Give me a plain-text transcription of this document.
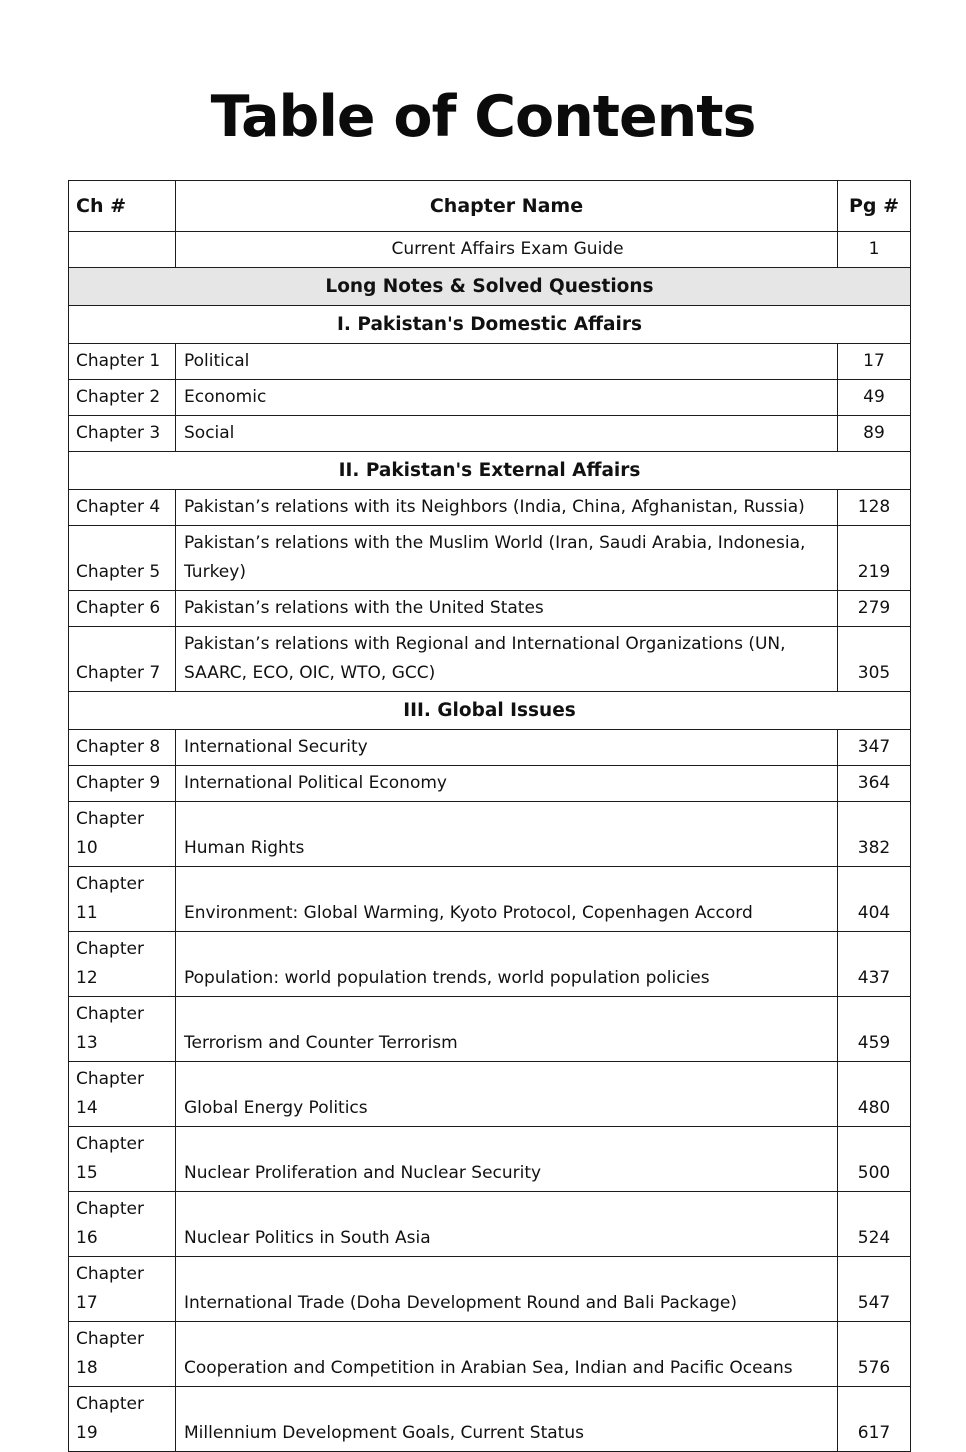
Table of Contents
Ch #	Chapter Name	Pg #
	Current Affairs Exam Guide	1
Long Notes & Solved Questions		
I. Pakistan's Domestic Affairs		
Chapter 1	Political	17
Chapter 2	Economic	49
Chapter 3	Social	89
II. Pakistan's External Affairs		
Chapter 4	Pakistan’s relations with its Neighbors (India, China, Afghanistan, Russia)	128
Chapter 5	Pakistan’s relations with the Muslim World (Iran, Saudi Arabia, Indonesia, Turkey)	219
Chapter 6	Pakistan’s relations with the United States	279
Chapter 7	Pakistan’s relations with Regional and International Organizations (UN, SAARC, ECO, OIC, WTO, GCC)	305
III. Global Issues		
Chapter 8	International Security	347
Chapter 9	International Political Economy	364
Chapter 10	Human Rights	382
Chapter 11	Environment: Global Warming, Kyoto Protocol, Copenhagen Accord	404
Chapter 12	Population: world population trends, world population policies	437
Chapter 13	Terrorism and Counter Terrorism	459
Chapter 14	Global Energy Politics	480
Chapter 15	Nuclear Proliferation and Nuclear Security	500
Chapter 16	Nuclear Politics in South Asia	524
Chapter 17	International Trade (Doha Development Round and Bali Package)	547
Chapter 18	Cooperation and Competition in Arabian Sea, Indian and Pacific Oceans	576
Chapter 19	Millennium Development Goals, Current Status	617
